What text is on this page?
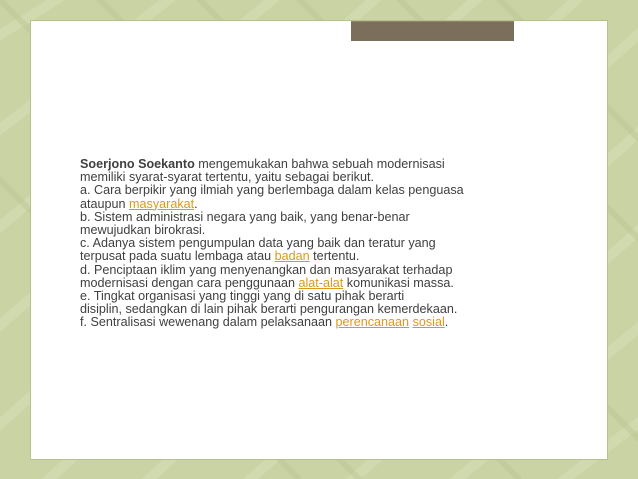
Soerjono Soekanto mengemukakan bahwa sebuah modernisasi

memiliki syarat-syarat tertentu, yaitu sebagai berikut.

a. Cara berpikir yang ilmiah yang berlembaga dalam kelas penguasa

ataupun masyarakat.

b. Sistem administrasi negara yang baik, yang benar-benar

mewujudkan birokrasi.

c. Adanya sistem pengumpulan data yang baik dan teratur yang

terpusat pada suatu lembaga atau badan tertentu.

d. Penciptaan iklim yang menyenangkan dan masyarakat terhadap

modernisasi dengan cara penggunaan alat-alat komunikasi massa.

e. Tingkat organisasi yang tinggi yang di satu pihak berarti

disiplin, sedangkan di lain pihak berarti pengurangan kemerdekaan.

f. Sentralisasi wewenang dalam pelaksanaan perencanaan sosial.
